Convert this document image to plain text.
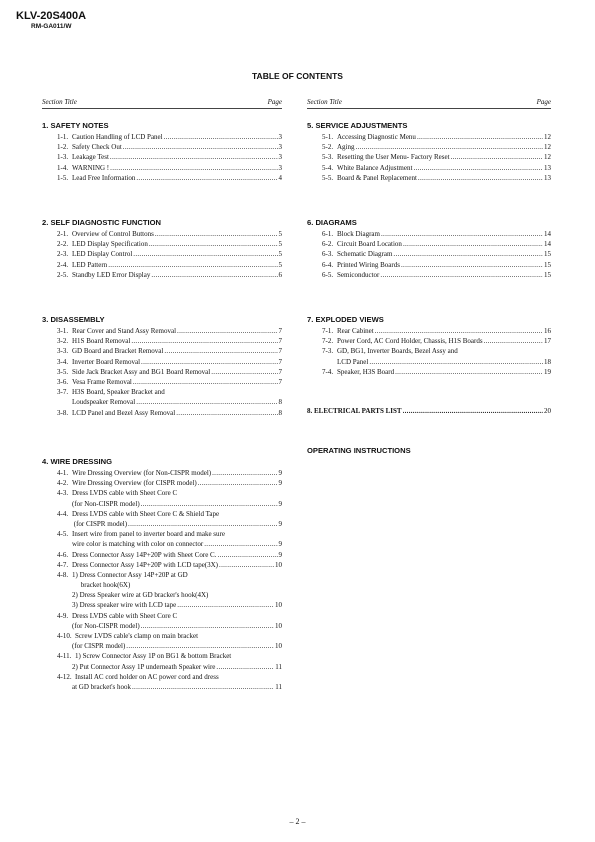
KLV-20S400A
RM-GA011/W
TABLE OF CONTENTS
Section Title	Page
1. SAFETY NOTES
1-1. Caution Handling of LCD Panel .....	3
1-2. Safety Check Out .....	3
1-3. Leakage Test .....	3
1-4. WARNING ! .....	3
1-5. Lead Free Information .....	4
2. SELF DIAGNOSTIC FUNCTION
2-1. Overview of Control Buttons .....	5
2-2. LED Display Specification .....	5
2-3. LED Display Control .....	5
2-4. LED Pattern .....	5
2-5. Standby LED Error Display .....	6
3. DISASSEMBLY
3-1. Rear Cover and Stand Assy Removal .....	7
3-2. H1S Board Removal .....	7
3-3. GD Board and Bracket Removal .....	7
3-4. Inverter Board Removal .....	7
3-5. Side Jack Bracket Assy and BG1 Board Removal .....	7
3-6. Vesa Frame Removal .....	7
3-7. H3S Board, Speaker Bracket and
Loudspeaker Removal .....	8
3-8. LCD Panel and Bezel Assy Removal .....	8
4. WIRE DRESSING
4-1. Wire Dressing Overview (for Non-CISPR model) .....	9
4-2. Wire Dressing Overview (for CISPR model) .....	9
4-3. Dress LVDS cable with Sheet Core C
(for Non-CISPR model) .....	9
4-4. Dress LVDS cable with Sheet Core C & Shield Tape
(for CISPR model) .....	9
4-5. Insert wire from panel to inverter board and make sure
wire color is matching with color on connector .....	9
4-6. Dress Connector Assy 14P+20P with Sheet Core C. .....	9
4-7. Dress Connector Assy 14P+20P with LCD tape(3X) .....	10
4-8. 1) Dress Connector Assy 14P+20P at GD
bracket hook(6X)
2) Dress Speaker wire at GD bracker's hook(4X)
3) Dress speaker wire with LCD tape .....	10
4-9. Dress LVDS cable with Sheet Core C
(for Non-CISPR model) .....	10
4-10. Screw LVDS cable's clamp on main bracket
(for CISPR model) .....	10
4-11. 1) Screw Connector Assy 1P on BG1 & bottom Bracket
2) Put Connector Assy 1P underneath Speaker wire .....	11
4-12. Install AC cord holder on AC power cord and dress
at GD bracket's hook .....	11
Section Title	Page
5. SERVICE ADJUSTMENTS
5-1. Accessing Diagnostic Menu .....	12
5-2. Aging .....	12
5-3. Resetting the User Menu- Factory Reset .....	12
5-4. White Balance Adjustment .....	13
5-5. Board & Panel Replacement .....	13
6. DIAGRAMS
6-1. Block Diagram .....	14
6-2. Circuit Board Location .....	14
6-3. Schematic Diagram .....	15
6-4. Printed Wiring Boards .....	15
6-5. Semiconductor .....	15
7. EXPLODED VIEWS
7-1. Rear Cabinet .....	16
7-2. Power Cord, AC Cord Holder, Chassis, H1S Boards .....	17
7-3. GD, BG1, Inverter Boards, Bezel Assy and
LCD Panel .....	18
7-4. Speaker, H3S Board .....	19
8. ELECTRICAL PARTS LIST .....	20
OPERATING INSTRUCTIONS
– 2 –
